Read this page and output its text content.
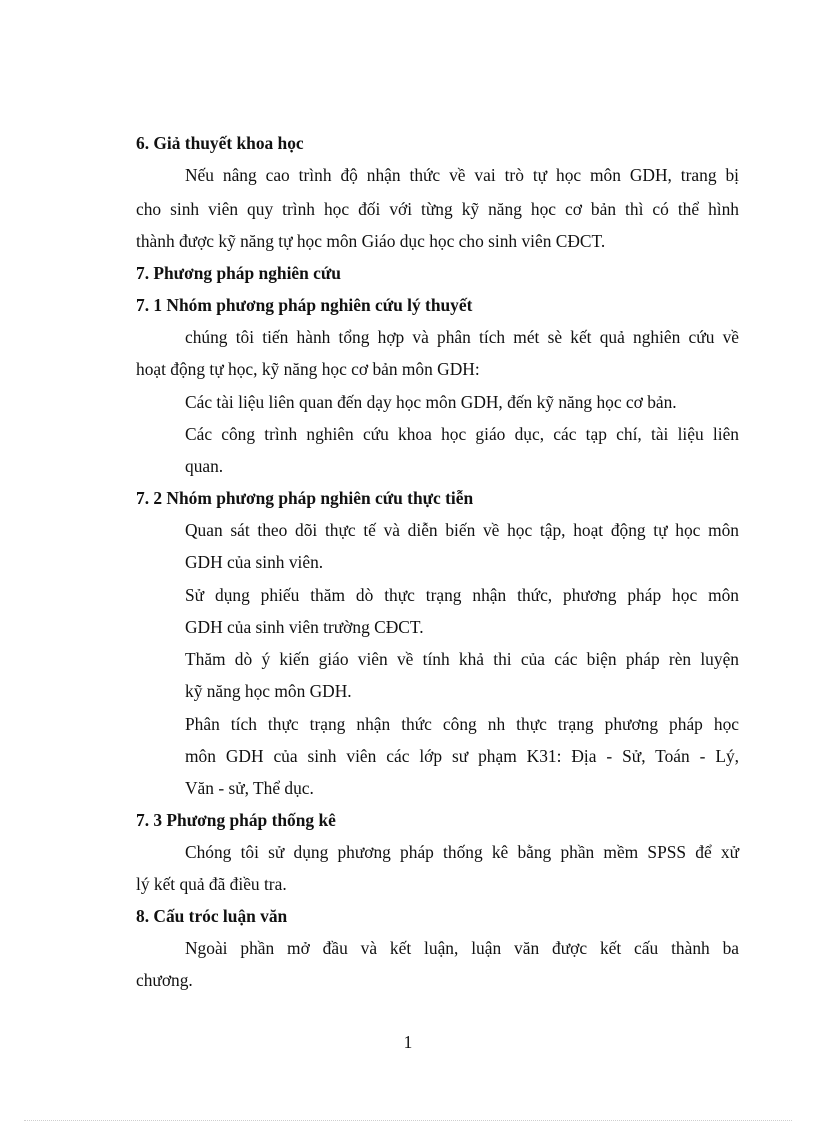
6. Giả thuyết khoa học
Nếu nâng cao trình độ nhận thức về vai trò tự học môn GDH, trang bị
cho sinh viên quy trình học đối với từng kỹ năng học cơ bản thì có thể hình
thành được kỹ năng tự học môn Giáo dục học cho sinh viên CĐCT.
7. Phương pháp nghiên cứu
7. 1 Nhóm phương pháp nghiên cứu lý thuyết
chúng tôi tiến hành tổng hợp và phân tích mét sè kết quả nghiên cứu về
hoạt động tự học, kỹ năng học cơ bản môn GDH:
Các tài liệu liên quan đến dạy học môn GDH, đến kỹ năng học cơ bản.
Các công trình nghiên cứu khoa học giáo dục, các tạp chí, tài liệu liên
quan.
7. 2 Nhóm phương pháp nghiên cứu thực tiễn
Quan sát theo dõi thực tế và diễn biến về học tập, hoạt động tự học môn
GDH của sinh viên.
Sử dụng phiếu thăm dò thực trạng nhận thức, phương pháp học môn
GDH của sinh viên trường CĐCT.
Thăm dò ý kiến giáo viên về tính khả thi của các biện pháp rèn luyện
kỹ năng học môn GDH.
Phân tích thực trạng nhận thức công nh thực trạng phương pháp học
môn GDH của sinh viên các lớp sư phạm K31: Địa - Sử, Toán - Lý,
Văn - sử, Thể dục.
7. 3 Phương pháp thống kê
Chóng tôi sử dụng phương pháp thống kê bằng phần mềm SPSS để xử
lý kết quả đã điều tra.
8. Cấu tróc luận văn
Ngoài phần mở đầu và kết luận, luận văn được kết cấu thành ba
chương.
1
